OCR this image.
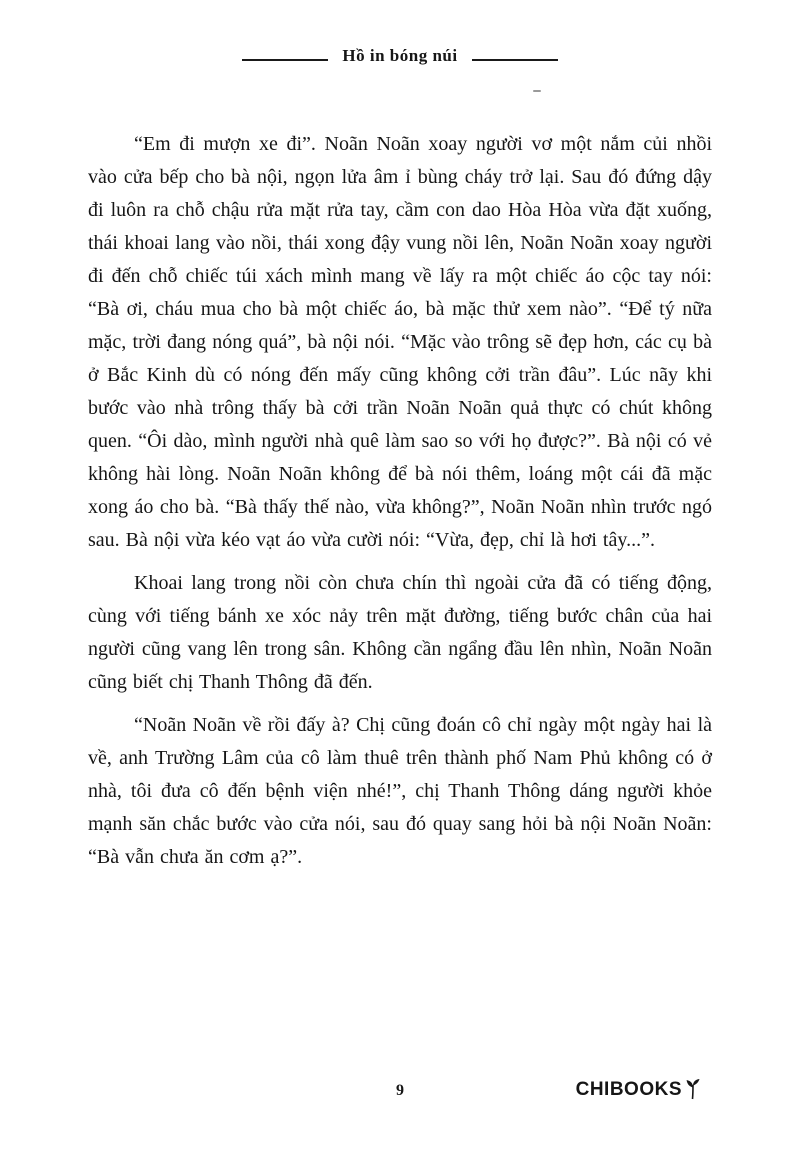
Hồ in bóng núi

“Em đi mượn xe đi”. Noãn Noãn xoay người vơ một nắm củi nhồi vào cửa bếp cho bà nội, ngọn lửa âm ỉ bùng cháy trở lại. Sau đó đứng dậy đi luôn ra chỗ chậu rửa mặt rửa tay, cầm con dao Hòa Hòa vừa đặt xuống, thái khoai lang vào nồi, thái xong đậy vung nồi lên, Noãn Noãn xoay người đi đến chỗ chiếc túi xách mình mang về lấy ra một chiếc áo cộc tay nói: “Bà ơi, cháu mua cho bà một chiếc áo, bà mặc thử xem nào”. “Để tý nữa mặc, trời đang nóng quá”, bà nội nói. “Mặc vào trông sẽ đẹp hơn, các cụ bà ở Bắc Kinh dù có nóng đến mấy cũng không cởi trần đâu”. Lúc nãy khi bước vào nhà trông thấy bà cởi trần Noãn Noãn quả thực có chút không quen. “Ôi dào, mình người nhà quê làm sao so với họ được?”. Bà nội có vẻ không hài lòng. Noãn Noãn không để bà nói thêm, loáng một cái đã mặc xong áo cho bà. “Bà thấy thế nào, vừa không?”, Noãn Noãn nhìn trước ngó sau. Bà nội vừa kéo vạt áo vừa cười nói: “Vừa, đẹp, chỉ là hơi tây...”.

Khoai lang trong nồi còn chưa chín thì ngoài cửa đã có tiếng động, cùng với tiếng bánh xe xóc nảy trên mặt đường, tiếng bước chân của hai người cũng vang lên trong sân. Không cần ngẩng đầu lên nhìn, Noãn Noãn cũng biết chị Thanh Thông đã đến.

“Noãn Noãn về rồi đấy à? Chị cũng đoán cô chỉ ngày một ngày hai là về, anh Trường Lâm của cô làm thuê trên thành phố Nam Phủ không có ở nhà, tôi đưa cô đến bệnh viện nhé!”, chị Thanh Thông dáng người khỏe mạnh săn chắc bước vào cửa nói, sau đó quay sang hỏi bà nội Noãn Noãn: “Bà vẫn chưa ăn cơm ạ?”.

9	CHIBOOKS
